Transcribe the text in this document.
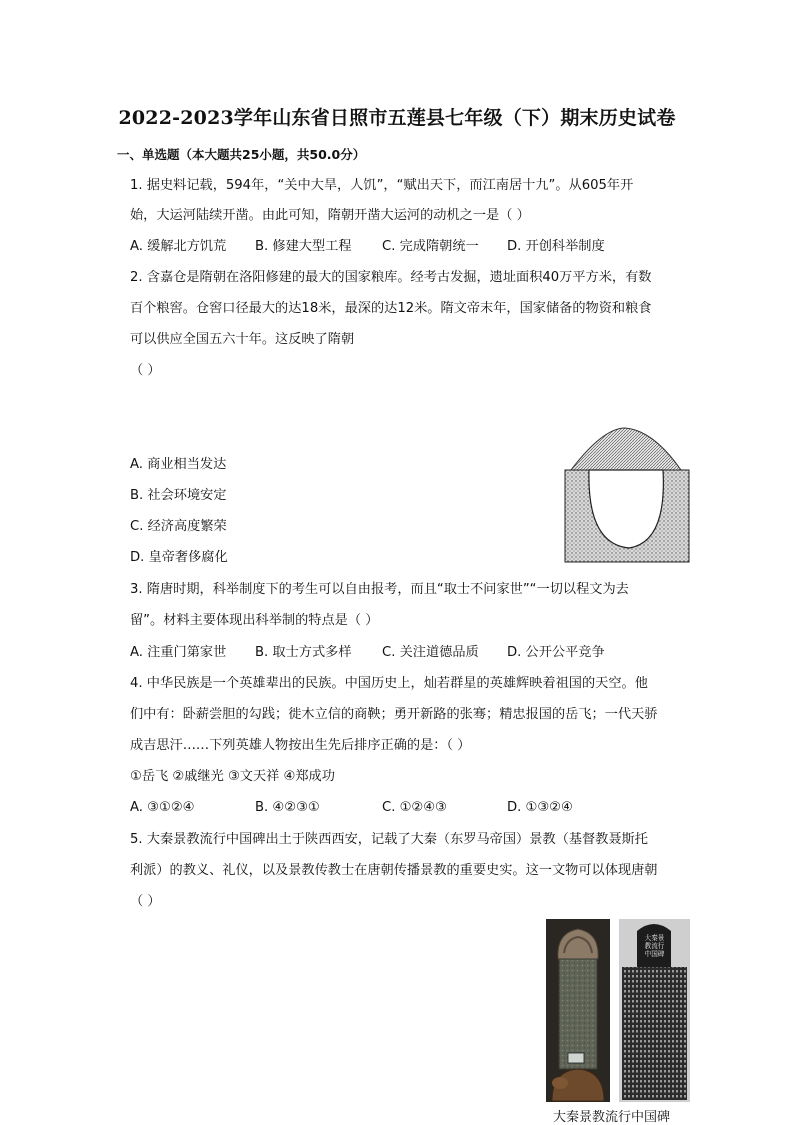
2022-2023学年山东省日照市五莲县七年级（下）期末历史试卷
一、单选题（本大题共25小题，共50.0分）
1. 据史料记载，594年，“关中大旱，人饥”，“赋出天下，而江南居十九”。从605年开
始，大运河陆续开凿。由此可知，隋朝开凿大运河的动机之一是（ ）
A. 缓解北方饥荒 B. 修建大型工程 C. 完成隋朝统一 D. 开创科举制度
2. 含嘉仓是隋朝在洛阳修建的最大的国家粮库。经考古发掘，遗址面积40万平方米，有数
百个粮窖。仓窖口径最大的达18米，最深的达12米。隋文帝末年，国家储备的物资和粮食
可以供应全国五六十年。这反映了隋朝
（ ）
A. 商业相当发达
B. 社会环境安定
C. 经济高度繁荣
D. 皇帝奢侈腐化
3. 隋唐时期，科举制度下的考生可以自由报考，而且“取士不问家世”“一切以程文为去
留”。材料主要体现出科举制的特点是（ ）
A. 注重门第家世 B. 取士方式多样 C. 关注道德品质 D. 公开公平竞争
4. 中华民族是一个英雄辈出的民族。中国历史上，灿若群星的英雄辉映着祖国的天空。他
们中有：卧薪尝胆的勾践；徙木立信的商鞅；勇开新路的张骞；精忠报国的岳飞；一代天骄
成吉思汗……下列英雄人物按出生先后排序正确的是：（ ）
①岳飞 ②戚继光 ③文天祥 ④郑成功
A. ③①②④	B. ④②③①	C. ①②④③	D. ①③②④
5. 大秦景教流行中国碑出土于陕西西安，记载了大秦（东罗马帝国）景教（基督教聂斯托
利派）的教义、礼仪，以及景教传教士在唐朝传播景教的重要史实。这一文物可以体现唐朝
（ ）
大秦景教流行中国碑
大秦景教流行中国碑
